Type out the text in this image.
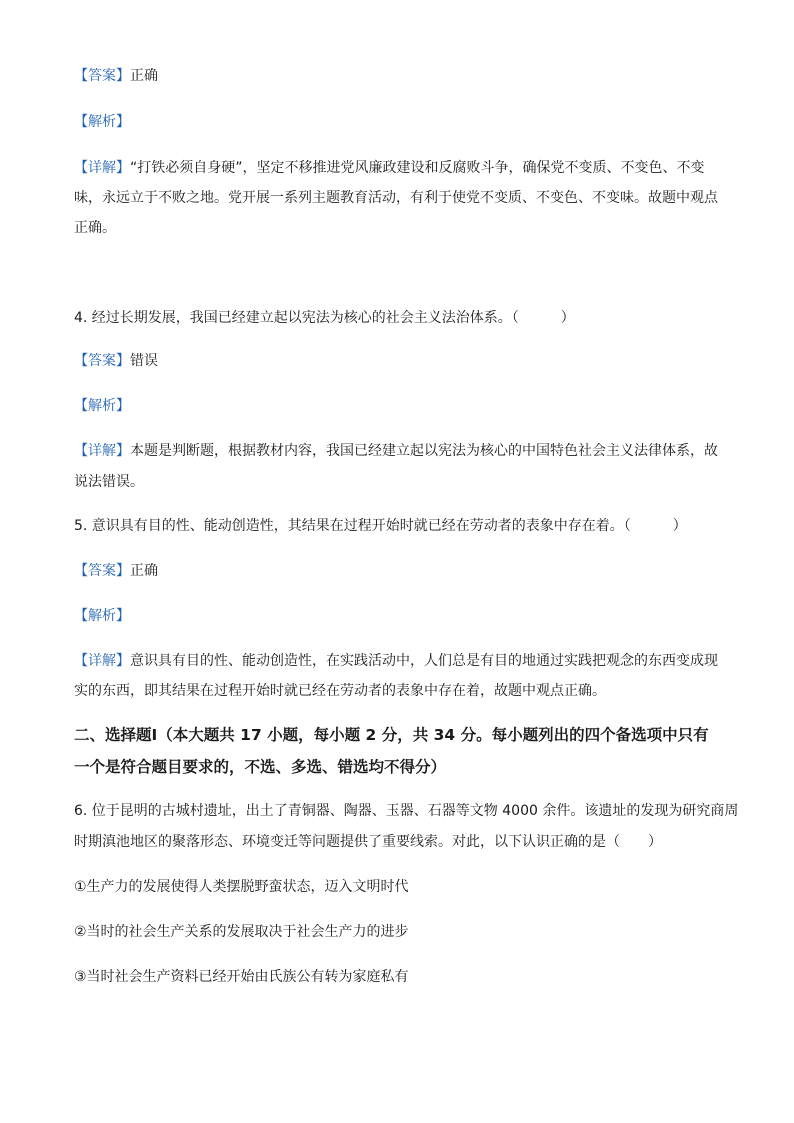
【答案】正确
【解析】
【详解】“打铁必须自身硬”，坚定不移推进党风廉政建设和反腐败斗争，确保党不变质、不变色、不变
味，永远立于不败之地。党开展一系列主题教育活动，有利于使党不变质、不变色、不变味。故题中观点
正确。
4. 经过长期发展，我国已经建立起以宪法为核心的社会主义法治体系。（　　　）
【答案】错误
【解析】
【详解】本题是判断题，根据教材内容，我国已经建立起以宪法为核心的中国特色社会主义法律体系，故
说法错误。
5. 意识具有目的性、能动创造性，其结果在过程开始时就已经在劳动者的表象中存在着。（　　　）
【答案】正确
【解析】
【详解】意识具有目的性、能动创造性，在实践活动中，人们总是有目的地通过实践把观念的东西变成现
实的东西，即其结果在过程开始时就已经在劳动者的表象中存在着，故题中观点正确。
二、选择题Ⅰ（本大题共 17 小题，每小题 2 分，共 34 分。每小题列出的四个备选项中只有
一个是符合题目要求的，不选、多选、错选均不得分）
6. 位于昆明的古城村遗址，出土了青铜器、陶器、玉器、石器等文物 4000 余件。该遗址的发现为研究商周
时期滇池地区的聚落形态、环境变迁等问题提供了重要线索。对此，以下认识正确的是（　　）
①生产力的发展使得人类摆脱野蛮状态，迈入文明时代
②当时的社会生产关系的发展取决于社会生产力的进步
③当时社会生产资料已经开始由氏族公有转为家庭私有
